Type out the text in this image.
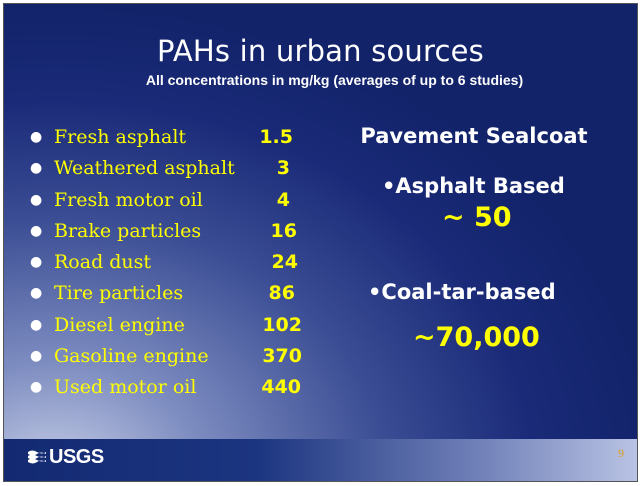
PAHs in urban sources
All concentrations in mg/kg (averages of up to 6 studies)
● Fresh asphalt	1.5
● Weathered asphalt 3
● Fresh motor oil	4
● Brake particles	16
● Road dust	24
● Tire particles	86
● Diesel engine	102
● Gasoline engine	370
● Used motor oil	440
Pavement Sealcoat
•Asphalt Based
~ 50
•Coal-tar-based
~70,000
USGS	9
